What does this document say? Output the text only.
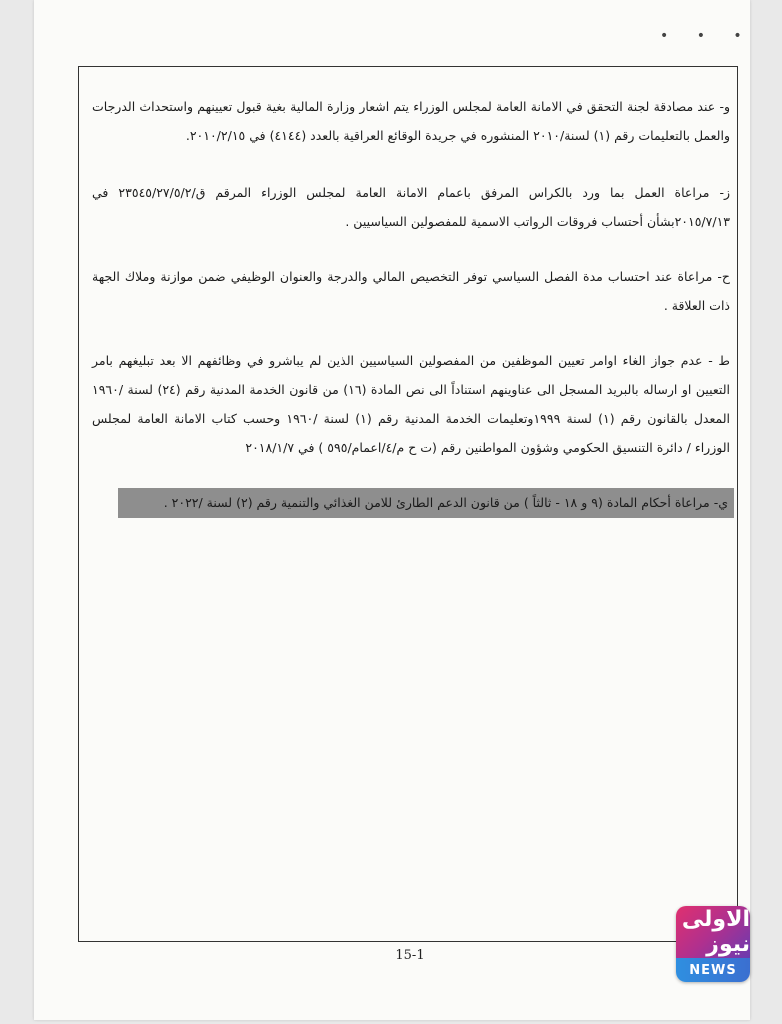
• • •

و- عند مصادقة لجنة التحقق في الامانة العامة لمجلس الوزراء يتم اشعار وزارة المالية بغية قبول تعيينهم واستحداث الدرجات والعمل بالتعليمات رقم (١) لسنة/٢٠١٠ المنشوره في جريدة الوقائع العراقية بالعدد (٤١٤٤) في ٢٠١٠/٢/١٥.

ز- مراعاة العمل بما ورد بالكراس المرفق باعمام الامانة العامة لمجلس الوزراء المرقم ق/٢٣٥٤٥/٢٧/٥/٢ في ٢٠١٥/٧/١٣بشأن أحتساب فروقات الرواتب الاسمية للمفصولين السياسيين .

ح- مراعاة عند احتساب مدة الفصل السياسي توفر التخصيص المالي والدرجة والعنوان الوظيفي ضمن موازنة وملاك الجهة ذات العلاقة .

ط - عدم جواز الغاء اوامر تعيين الموظفين من المفصولين السياسيين الذين لم يباشرو في وظائفهم الا بعد تبليغهم بامر التعيين او ارساله بالبريد المسجل الى عناوينهم استناداً الى نص المادة (١٦) من قانون الخدمة المدنية رقم (٢٤) لسنة /١٩٦٠ المعدل بالقانون رقم (١) لسنة ١٩٩٩وتعليمات الخدمة المدنية رقم (١) لسنة /١٩٦٠ وحسب كتاب الامانة العامة لمجلس الوزراء / دائرة التنسيق الحكومي وشؤون المواطنين رقم (ت ح م/٤/اعمام/٥٩٥ ) في ٢٠١٨/١/٧

ي- مراعاة أحكام المادة (٩ و ١٨ - ثالثاً ) من قانون الدعم الطارئ للامن الغذائي والتنمية رقم (٢) لسنة /٢٠٢٢ .

15-1
الاولى نيوز
NEWS
